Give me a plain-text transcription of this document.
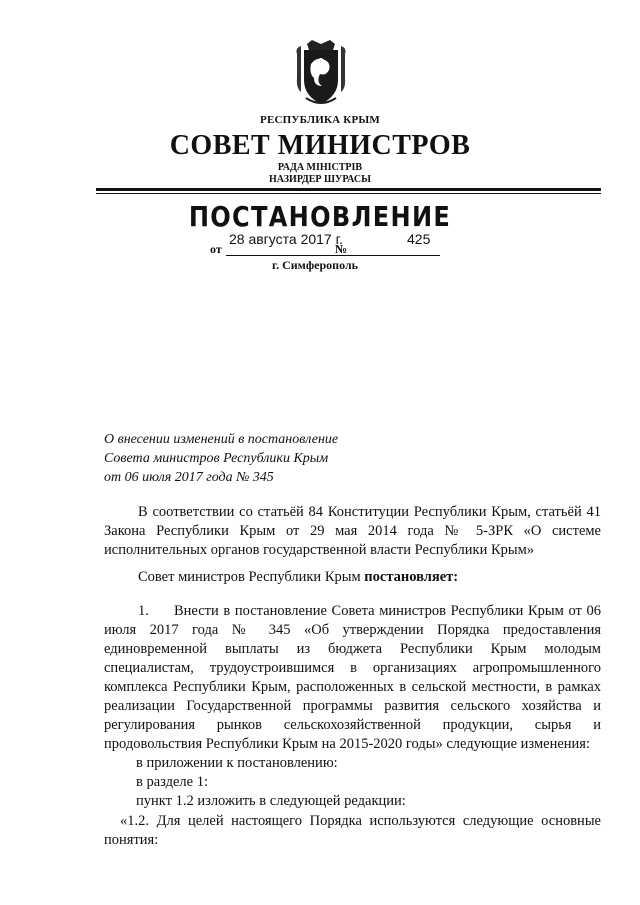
РЕСПУБЛИКА КРЫМ
СОВЕТ МИНИСТРОВ
РАДА МІНІСТРІВ
НАЗИРДЕР ШУРАСЫ
ПОСТАНОВЛЕНИЕ
от
28 августа 2017 г.
№
425
г. Симферополь
О внесении изменений в постановление
Совета министров Республики Крым
от 06 июля 2017 года № 345
В соответствии со статьёй 84 Конституции Республики Крым, статьёй 41 Закона Республики Крым от 29 мая 2014 года № 5-ЗРК «О системе исполнительных органов государственной власти Республики Крым»
Совет министров Республики Крым постановляет:
1. Внести в постановление Совета министров Республики Крым от 06 июля 2017 года № 345 «Об утверждении Порядка предоставления единовременной выплаты из бюджета Республики Крым молодым специалистам, трудоустроившимся в организациях агропромышленного комплекса Республики Крым, расположенных в сельской местности, в рамках реализации Государственной программы развития сельского хозяйства и регулирования рынков сельскохозяйственной продукции, сырья и продовольствия Республики Крым на 2015-2020 годы» следующие изменения:
в приложении к постановлению:
в разделе 1:
пункт 1.2 изложить в следующей редакции:
«1.2. Для целей настоящего Порядка используются следующие основные понятия:
